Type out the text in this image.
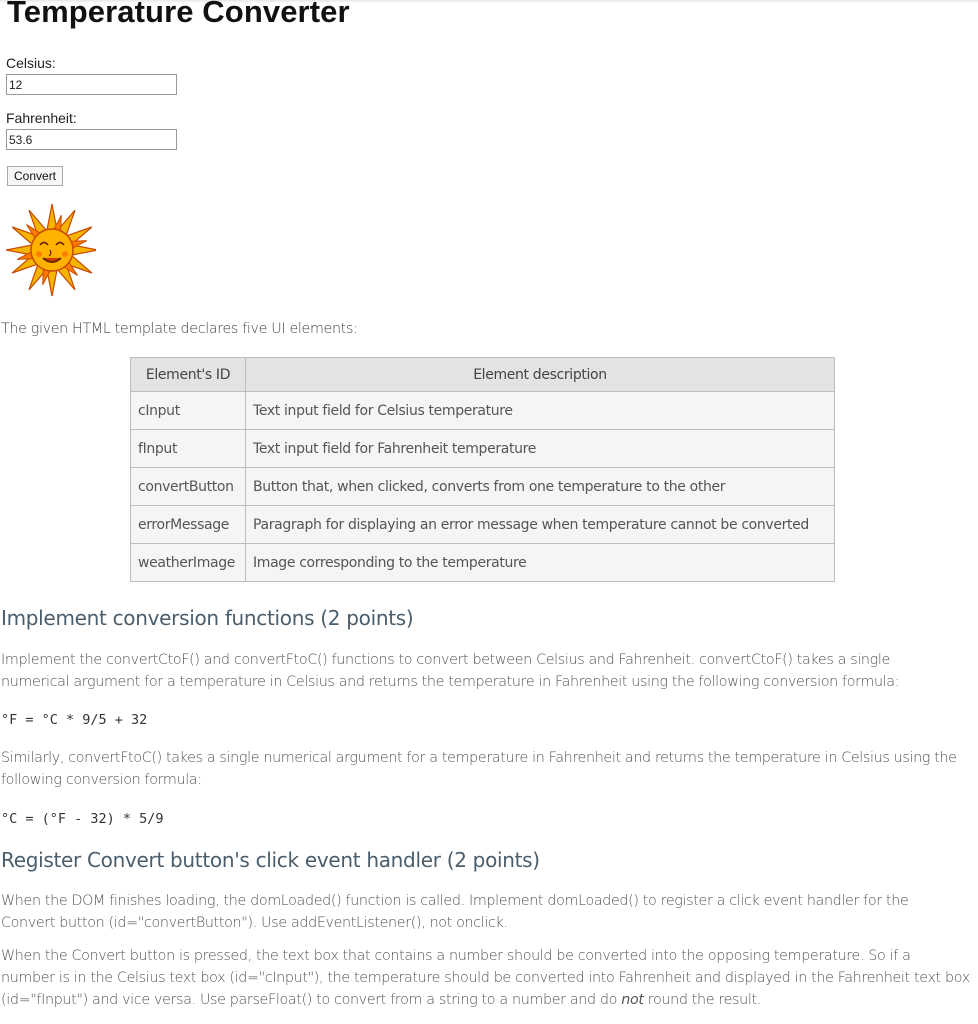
Temperature Converter
Celsius:
12
Fahrenheit:
53.6
Convert

The given HTML template declares five UI elements:

Element's ID	Element description
cInput	Text input field for Celsius temperature
fInput	Text input field for Fahrenheit temperature
convertButton	Button that, when clicked, converts from one temperature to the other
errorMessage	Paragraph for displaying an error message when temperature cannot be converted
weatherImage	Image corresponding to the temperature
Implement conversion functions (2 points)

Implement the convertCtoF() and convertFtoC() functions to convert between Celsius and Fahrenheit. convertCtoF() takes a single

numerical argument for a temperature in Celsius and returns the temperature in Fahrenheit using the following conversion formula:

°F = °C * 9/5 + 32

Similarly, convertFtoC() takes a single numerical argument for a temperature in Fahrenheit and returns the temperature in Celsius using the

following conversion formula:

°C = (°F - 32) * 5/9
Register Convert button's click event handler (2 points)

When the DOM finishes loading, the domLoaded() function is called. Implement domLoaded() to register a click event handler for the

Convert button (id="convertButton"). Use addEventListener(), not onclick.

When the Convert button is pressed, the text box that contains a number should be converted into the opposing temperature. So if a

number is in the Celsius text box (id="cInput"), the temperature should be converted into Fahrenheit and displayed in the Fahrenheit text box

(id="fInput") and vice versa. Use parseFloat() to convert from a string to a number and do not round the result.
